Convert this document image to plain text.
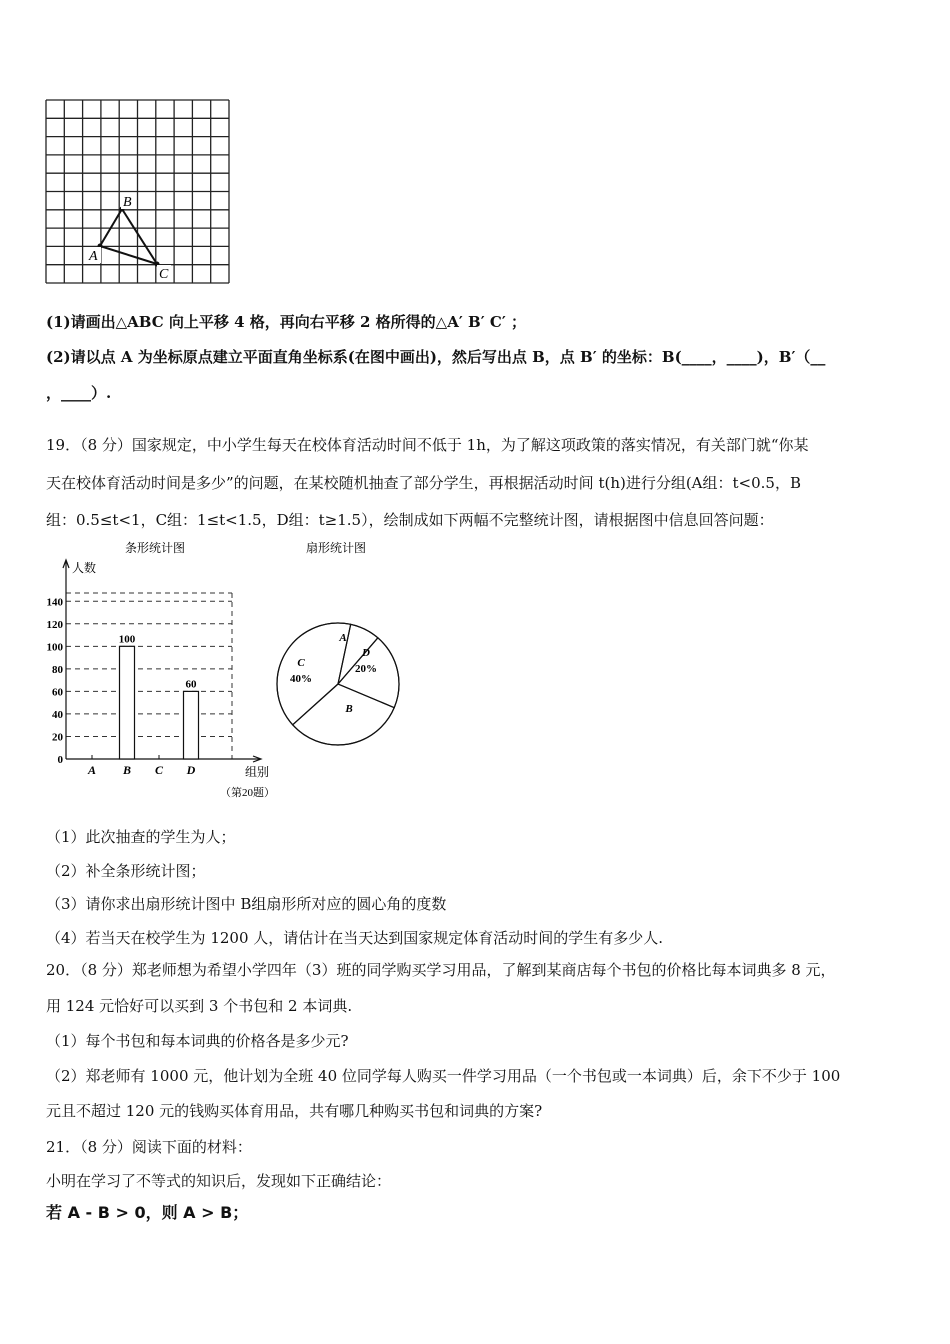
A
B
C
(1)请画出△ABC 向上平移 4 格，再向右平移 2 格所得的△A′ B′ C′ ；
(2)请以点 A 为坐标原点建立平面直角坐标系(在图中画出)，然后写出点 B，点 B′ 的坐标：B(____，____)，B′（__
，____）.
19．（8 分）国家规定，中小学生每天在校体育活动时间不低于 1h，为了解这项政策的落实情况，有关部门就“你某
天在校体育活动时间是多少”的问题，在某校随机抽查了部分学生，再根据活动时间 t(h)进行分组(A组：t<0.5，B
组：0.5≤t<1，C组：1≤t<1.5，D组：t≥1.5），绘制成如下两幅不完整统计图，请根据图中信息回答问题：
条形统计图
人数
组别
（第20题）
0
20
40
60
80
100
120
140
A B
100
C D
60
扇形统计图
A
D
20%
B
C
40%
（1）此次抽查的学生为人；
（2）补全条形统计图；
（3）请你求出扇形统计图中 B组扇形所对应的圆心角的度数
（4）若当天在校学生为 1200 人，请估计在当天达到国家规定体育活动时间的学生有多少人.
20．（8 分）郑老师想为希望小学四年（3）班的同学购买学习用品，了解到某商店每个书包的价格比每本词典多 8 元，
用 124 元恰好可以买到 3 个书包和 2 本词典.
（1）每个书包和每本词典的价格各是多少元?
（2）郑老师有 1000 元，他计划为全班 40 位同学每人购买一件学习用品（一个书包或一本词典）后，余下不少于 100
元且不超过 120 元的钱购买体育用品，共有哪几种购买书包和词典的方案?
21．（8 分）阅读下面的材料：
小明在学习了不等式的知识后，发现如下正确结论：
若 A - B > 0，则 A > B；
